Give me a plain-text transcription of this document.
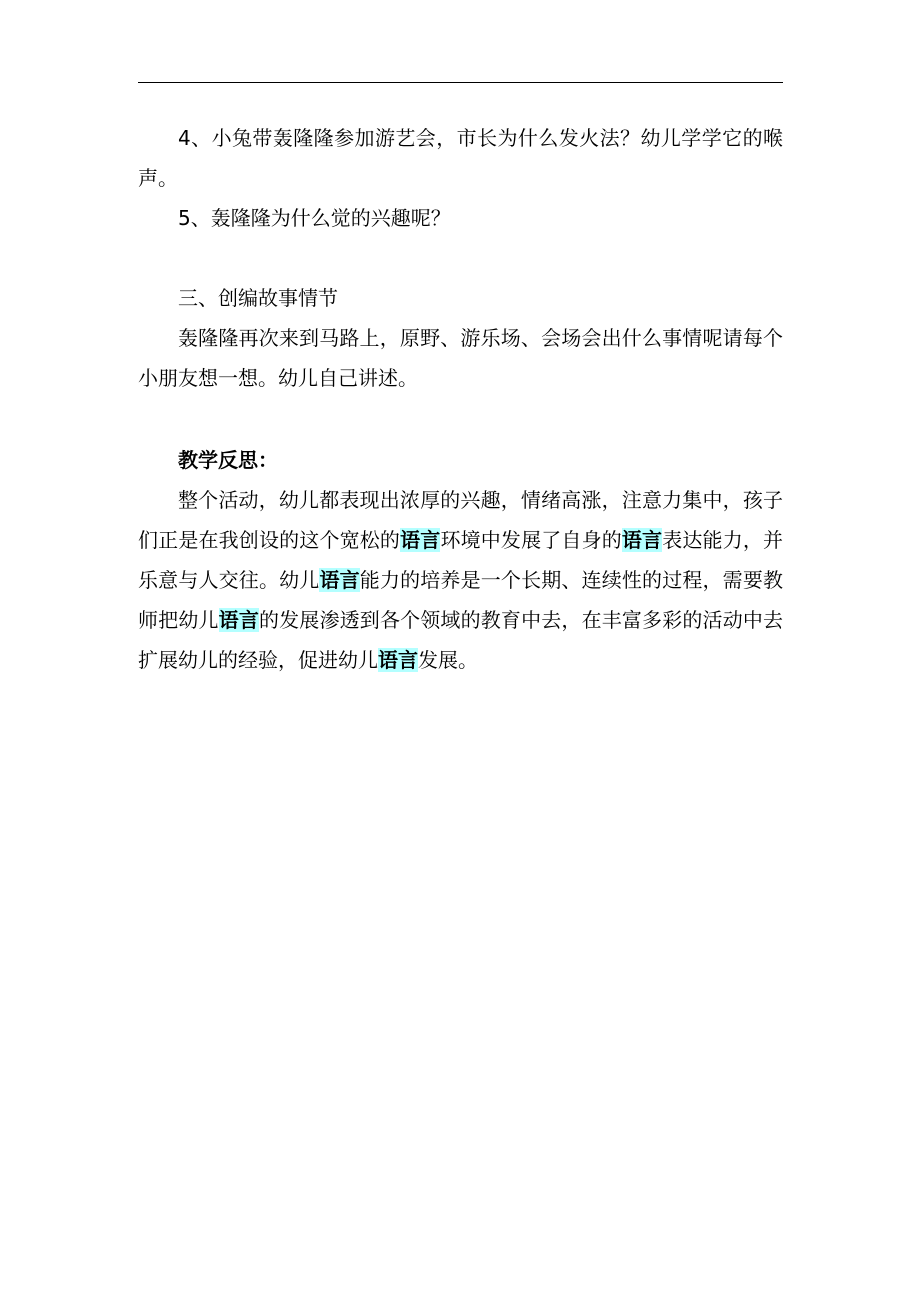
4、小兔带轰隆隆参加游艺会，市长为什么发火法？幼儿学学它的喉声。

5、轰隆隆为什么觉的兴趣呢？

三、创编故事情节

轰隆隆再次来到马路上，原野、游乐场、会场会出什么事情呢请每个小朋友想一想。幼儿自己讲述。

教学反思：

整个活动，幼儿都表现出浓厚的兴趣，情绪高涨，注意力集中，孩子们正是在我创设的这个宽松的语言环境中发展了自身的语言表达能力，并乐意与人交往。幼儿语言能力的培养是一个长期、连续性的过程，需要教师把幼儿语言的发展渗透到各个领域的教育中去，在丰富多彩的活动中去扩展幼儿的经验，促进幼儿语言发展。
